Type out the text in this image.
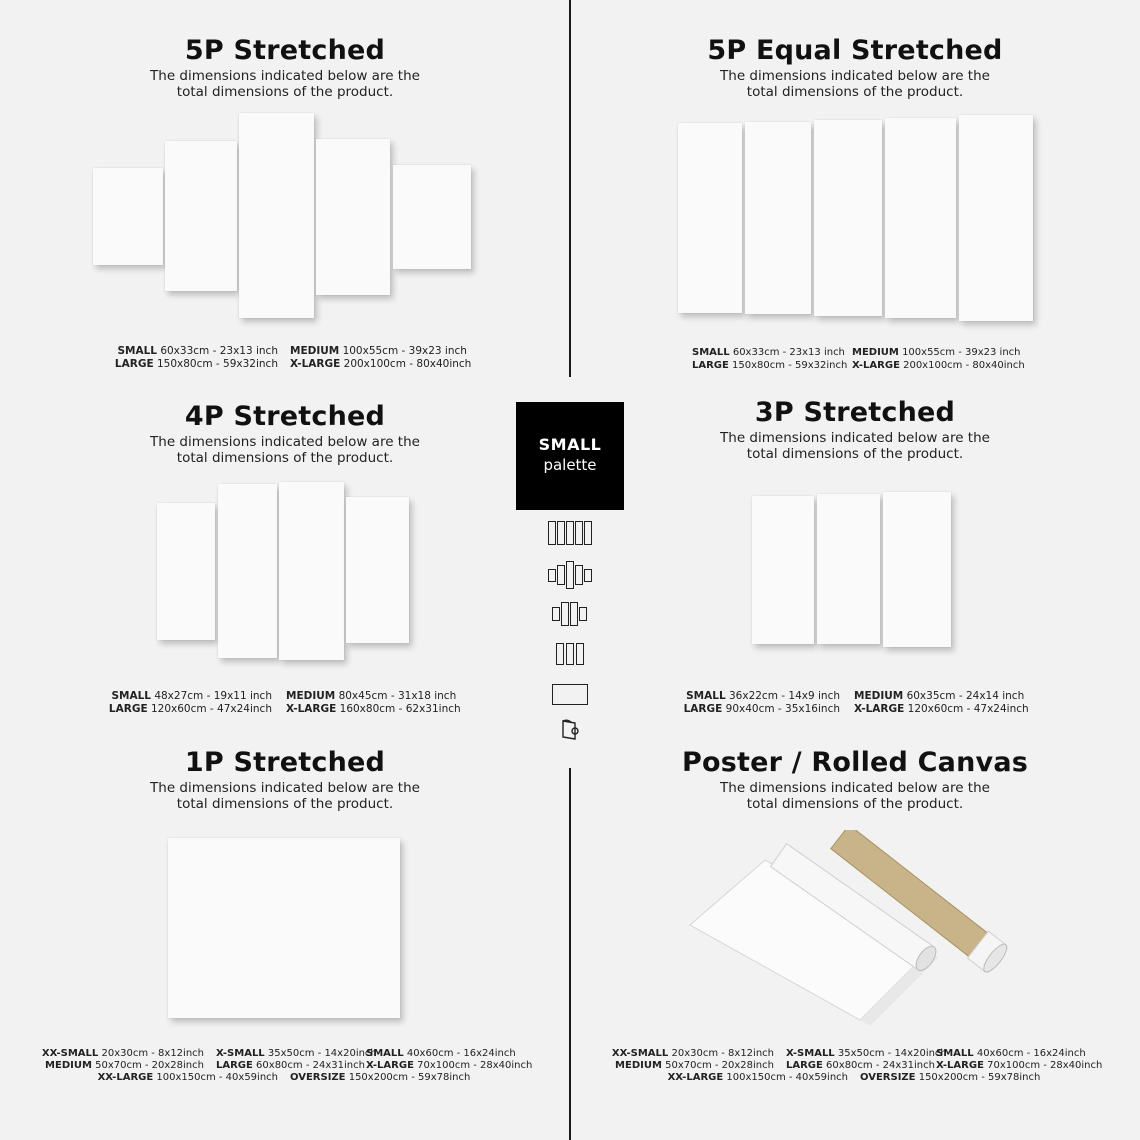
5P Stretched
The dimensions indicated below are the total dimensions of the product.
SMALL 60x33cm - 23x13 inch MEDIUM 100x55cm - 39x23 inch
LARGE 150x80cm - 59x32inch X-LARGE 200x100cm - 80x40inch
5P Equal Stretched
The dimensions indicated below are the total dimensions of the product.
SMALL 60x33cm - 23x13 inch MEDIUM 100x55cm - 39x23 inch
LARGE 150x80cm - 59x32inch X-LARGE 200x100cm - 80x40inch
SMALL
palette
4P Stretched
The dimensions indicated below are the total dimensions of the product.
SMALL 48x27cm - 19x11 inch MEDIUM 80x45cm - 31x18 inch
LARGE 120x60cm - 47x24inch X-LARGE 160x80cm - 62x31inch
3P Stretched
The dimensions indicated below are the total dimensions of the product.
SMALL 36x22cm - 14x9 inch MEDIUM 60x35cm - 24x14 inch
LARGE 90x40cm - 35x16inch X-LARGE 120x60cm - 47x24inch
1P Stretched
The dimensions indicated below are the total dimensions of the product.
XX-SMALL 20x30cm - 8x12inch X-SMALL 35x50cm - 14x20inchSMALL 40x60cm - 16x24inch
MEDIUM 50x70cm - 20x28inch LARGE 60x80cm - 24x31inchX-LARGE 70x100cm - 28x40inch
XX-LARGE 100x150cm - 40x59inch OVERSIZE 150x200cm - 59x78inch
Poster / Rolled Canvas
The dimensions indicated below are the total dimensions of the product.
XX-SMALL 20x30cm - 8x12inch X-SMALL 35x50cm - 14x20inchSMALL 40x60cm - 16x24inch
MEDIUM 50x70cm - 20x28inch LARGE 60x80cm - 24x31inchX-LARGE 70x100cm - 28x40inch
XX-LARGE 100x150cm - 40x59inch OVERSIZE 150x200cm - 59x78inch
